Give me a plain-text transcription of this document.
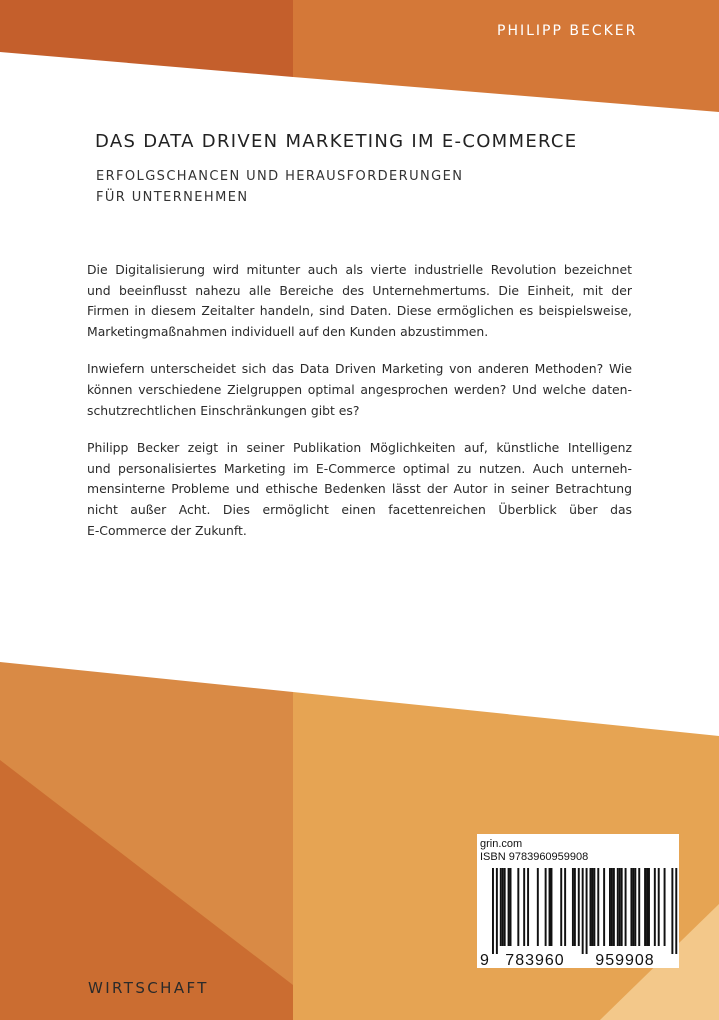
PHILIPP BECKER
DAS DATA DRIVEN MARKETING IM E-COMMERCE
ERFOLGSCHANCEN UND HERAUSFORDERUNGEN
FÜR UNTERNEHMEN

Die Digitalisierung wird mitunter auch als vierte industrielle Revolution bezeichnet
und beeinflusst nahezu alle Bereiche des Unternehmertums. Die Einheit, mit der
Firmen in diesem Zeitalter handeln, sind Daten. Diese ermöglichen es beispielsweise,
Marketingmaßnahmen individuell auf den Kunden abzustimmen.

Inwiefern unterscheidet sich das Data Driven Marketing von anderen Methoden? Wie
können verschiedene Zielgruppen optimal angesprochen werden? Und welche daten-
schutzrechtlichen Einschränkungen gibt es?

Philipp Becker zeigt in seiner Publikation Möglichkeiten auf, künstliche Intelligenz
und personalisiertes Marketing im E-Commerce optimal zu nutzen. Auch unterneh-
mensinterne Probleme und ethische Bedenken lässt der Autor in seiner Betrachtung
nicht außer Acht. Dies ermöglicht einen facettenreichen Überblick über das
E-Commerce der Zukunft.

WIRTSCHAFT
grin.com
ISBN 9783960959908
9 783960 959908
